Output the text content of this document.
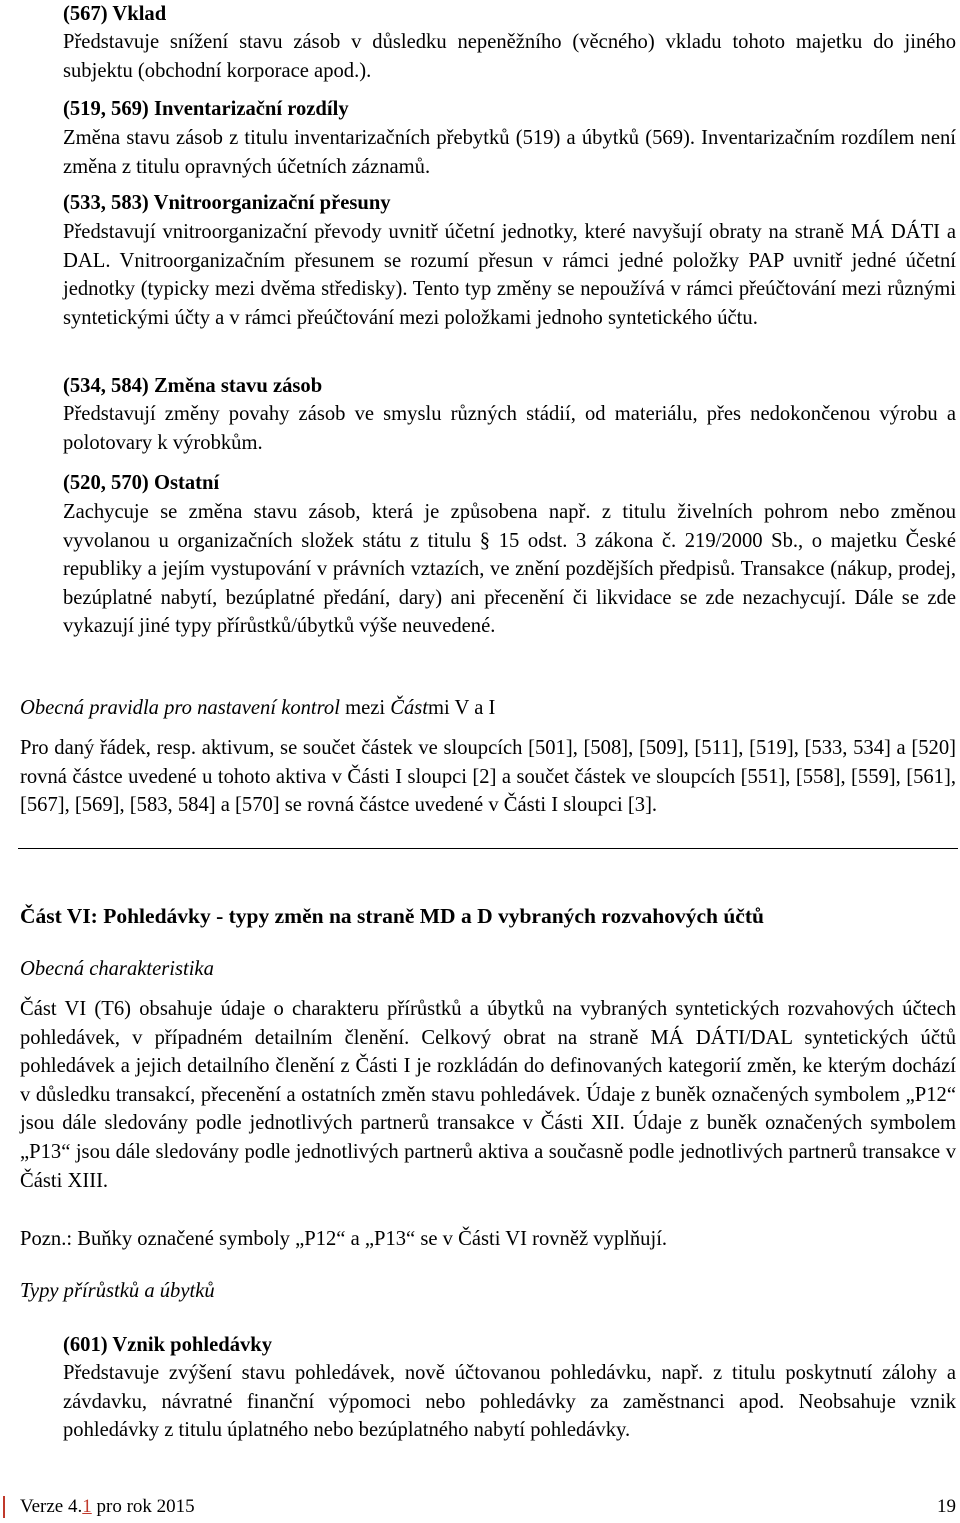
(567) Vklad

Představuje snížení stavu zásob v důsledku nepeněžního (věcného) vkladu tohoto majetku do jiného subjektu (obchodní korporace apod.).

(519, 569) Inventarizační rozdíly

Změna stavu zásob z titulu inventarizačních přebytků (519) a úbytků (569). Inventarizačním rozdílem není změna z titulu opravných účetních záznamů.

(533, 583) Vnitroorganizační přesuny

Představují vnitroorganizační převody uvnitř účetní jednotky, které navyšují obraty na straně MÁ DÁTI a DAL. Vnitroorganizačním přesunem se rozumí přesun v rámci jedné položky PAP uvnitř jedné účetní jednotky (typicky mezi dvěma středisky). Tento typ změny se nepoužívá v rámci přeúčtování mezi různými syntetickými účty a v rámci přeúčtování mezi položkami jednoho syntetického účtu.

(534, 584) Změna stavu zásob

Představují změny povahy zásob ve smyslu různých stádií, od materiálu, přes nedokončenou výrobu a polotovary k výrobkům.

(520, 570) Ostatní

Zachycuje se změna stavu zásob, která je způsobena např. z titulu živelních pohrom nebo změnou vyvolanou u organizačních složek státu z titulu § 15 odst. 3 zákona č. 219/2000 Sb., o majetku České republiky a jejím vystupování v právních vztazích, ve znění pozdějších předpisů. Transakce (nákup, prodej, bezúplatné nabytí, bezúplatné předání, dary) ani přecenění či likvidace se zde nezachycují. Dále se zde vykazují jiné typy přírůstků/úbytků výše neuvedené.

Obecná pravidla pro nastavení kontrol mezi Částmi V a I

Pro daný řádek, resp. aktivum, se součet částek ve sloupcích [501], [508], [509], [511], [519], [533, 534] a [520] rovná částce uvedené u tohoto aktiva v Části I sloupci [2] a součet částek ve sloupcích [551], [558], [559], [561], [567], [569], [583, 584] a [570] se rovná částce uvedené v Části I sloupci [3].

Část VI: Pohledávky - typy změn na straně MD a D vybraných rozvahových účtů

Obecná charakteristika

Část VI (T6) obsahuje údaje o charakteru přírůstků a úbytků na vybraných syntetických rozvahových účtech pohledávek, v případném detailním členění. Celkový obrat na straně MÁ DÁTI/DAL syntetických účtů pohledávek a jejich detailního členění z Části I je rozkládán do definovaných kategorií změn, ke kterým dochází v důsledku transakcí, přecenění a ostatních změn stavu pohledávek. Údaje z buněk označených symbolem „P12“ jsou dále sledovány podle jednotlivých partnerů transakce v Části XII. Údaje z buněk označených symbolem „P13“ jsou dále sledovány podle jednotlivých partnerů aktiva a současně podle jednotlivých partnerů transakce v Části XIII.

Pozn.: Buňky označené symboly „P12“ a „P13“ se v Části VI rovněž vyplňují.

Typy přírůstků a úbytků

(601) Vznik pohledávky

Představuje zvýšení stavu pohledávek, nově účtovanou pohledávku, např. z titulu poskytnutí zálohy a závdavku, návratné finanční výpomoci nebo pohledávky za zaměstnanci apod. Neobsahuje vznik pohledávky z titulu úplatného nebo bezúplatného nabytí pohledávky.

Verze 4.1 pro rok 2015	19
